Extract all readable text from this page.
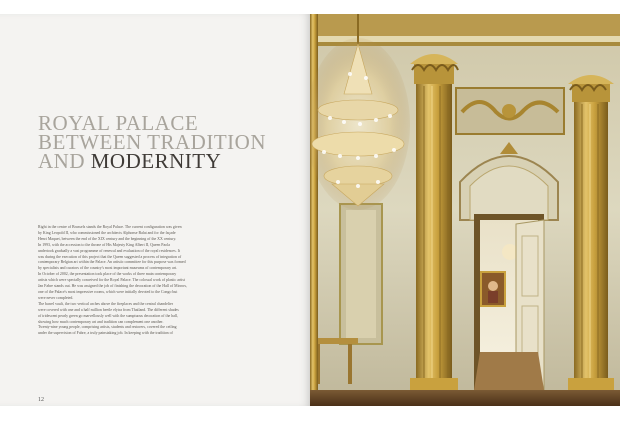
ROYAL PALACE
BETWEEN TRADITION
AND MODERNITY

Right in the centre of Brussels stands the Royal Palace. The current configuration was given

by King Leopold II, who commissioned the architects Alphonse Balat and for the façade

Henri Maquet, between the end of the XIX century and the beginning of the XX century.

In 1993, with the accession to the throne of His Majesty King Albert II, Queen Paola

undertook gradually a vast programme of renewal and evaluation of the royal residences. It

was during the execution of this project that the Queen suggested a process of integration of

contemporary Belgian art within the Palace. An artistic committee for this purpose was formed

by specialists and curators of the country's most important museums of contemporary art.

In October of 2002, the presentation took place of the works of three main contemporary

artists which were specially conceived for the Royal Palace. The colossal work of plastic artist

Jan Fabre stands out. He was assigned the job of finishing the decoration of the Hall of Mirrors,

one of the Palace's most impressive rooms, which were initially devoted to the Congo but

were never completed.

The barrel vault, the two vertical arches above the fireplaces and the central chandelier

were covered with one and a half million beetle elytra from Thailand. The different shades

of iridescent pearly green go marvellously well with the sumptuous decoration of the hall,

showing how much contemporary art and tradition can complement one another.

Twenty-nine young people, comprising artists, students and restorers, covered the ceiling

under the supervision of Fabre, a truly painstaking job. In keeping with the tradition of

12
